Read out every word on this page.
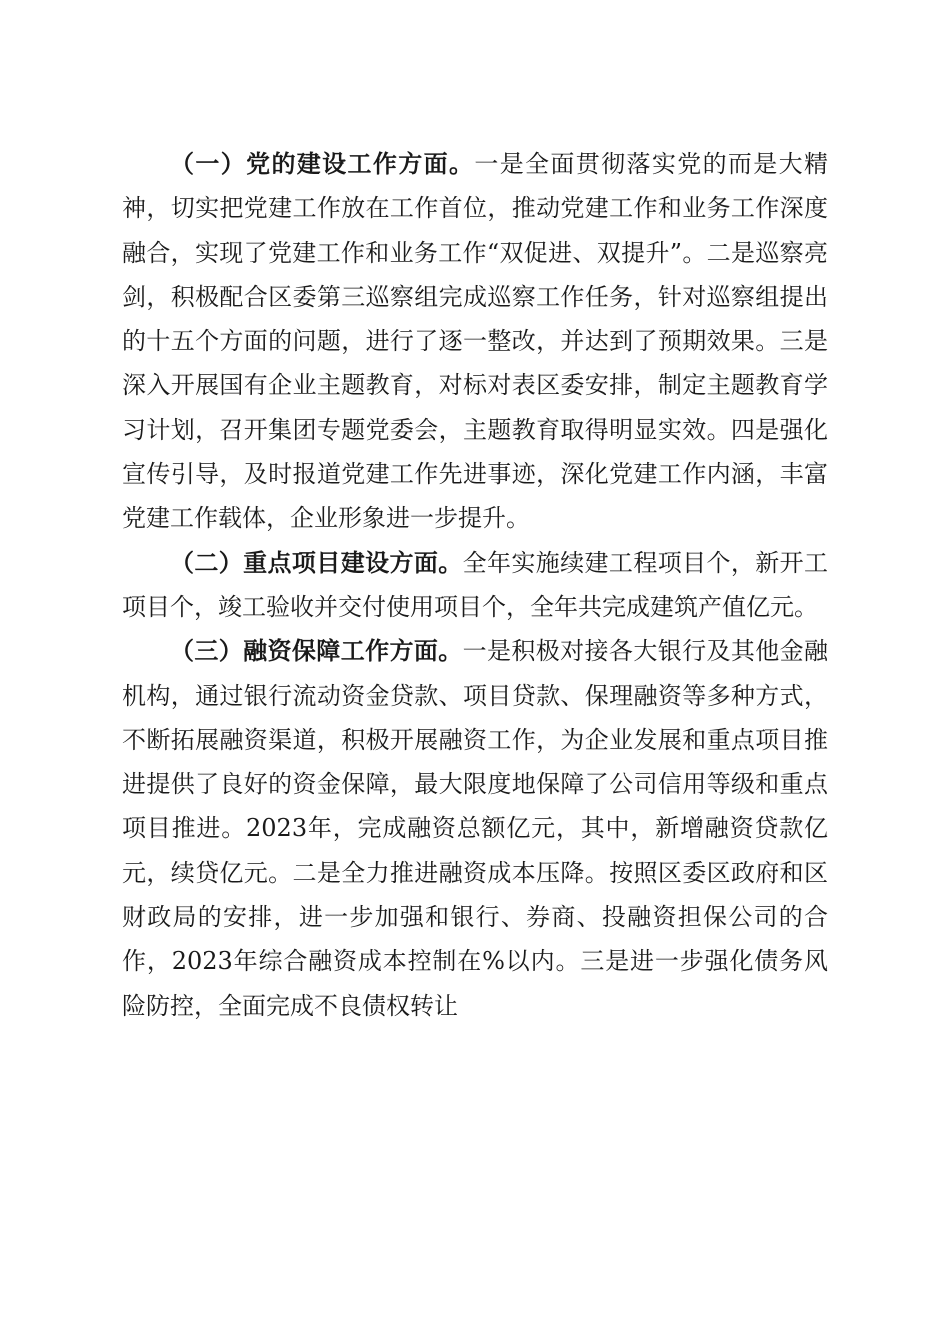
（一）党的建设工作方面。一是全面贯彻落实党的而是大精神，切实把党建工作放在工作首位，推动党建工作和业务工作深度融合，实现了党建工作和业务工作“双促进、双提升”。二是巡察亮剑，积极配合区委第三巡察组完成巡察工作任务，针对巡察组提出的十五个方面的问题，进行了逐一整改，并达到了预期效果。三是深入开展国有企业主题教育，对标对表区委安排，制定主题教育学习计划，召开集团专题党委会，主题教育取得明显实效。四是强化宣传引导，及时报道党建工作先进事迹，深化党建工作内涵，丰富党建工作载体，企业形象进一步提升。

（二）重点项目建设方面。全年实施续建工程项目个，新开工项目个，竣工验收并交付使用项目个，全年共完成建筑产值亿元。

（三）融资保障工作方面。一是积极对接各大银行及其他金融机构，通过银行流动资金贷款、项目贷款、保理融资等多种方式，不断拓展融资渠道，积极开展融资工作，为企业发展和重点项目推进提供了良好的资金保障，最大限度地保障了公司信用等级和重点项目推进。2023年，完成融资总额亿元，其中，新增融资贷款亿元，续贷亿元。二是全力推进融资成本压降。按照区委区政府和区财政局的安排，进一步加强和银行、券商、投融资担保公司的合作，2023年综合融资成本控制在%以内。三是进一步强化债务风险防控，全面完成不良债权转让
